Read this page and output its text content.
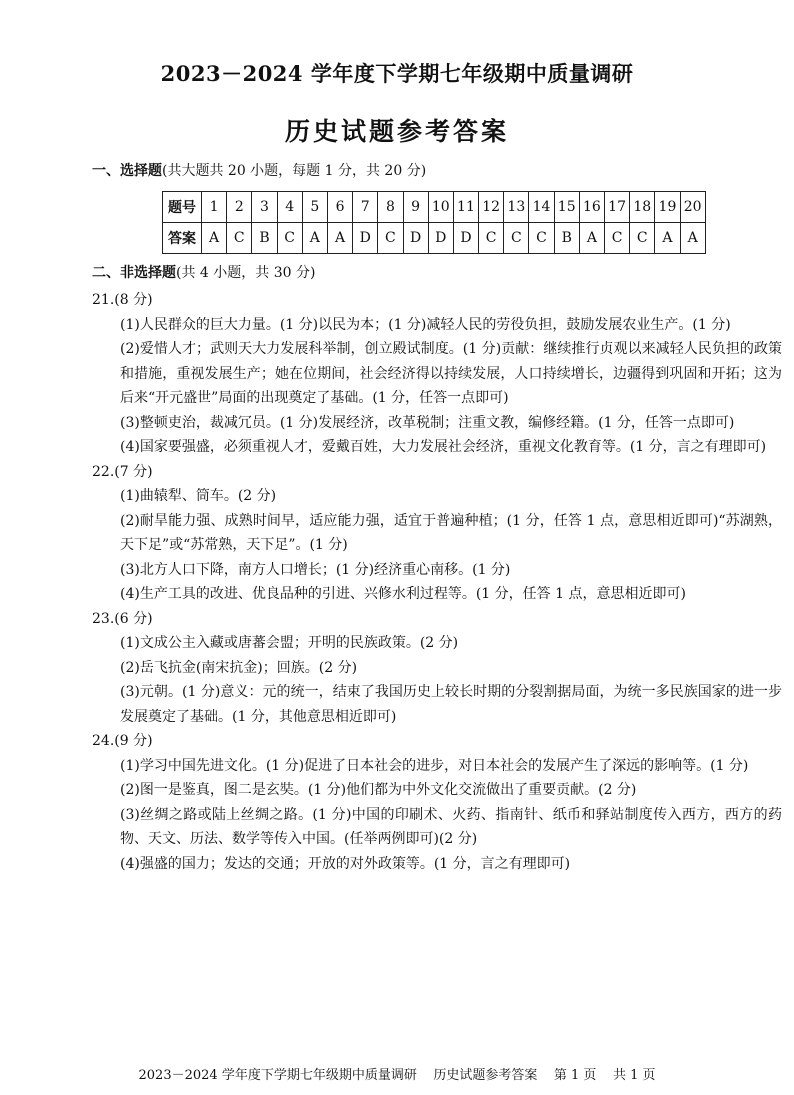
2023－2024 学年度下学期七年级期中质量调研
历史试题参考答案
一、选择题(共大题共 20 小题，每题 1 分，共 20 分)
题号	1	2	3	4	5	6	7	8	9	10	11	12	13	14	15	16	17	18	19	20
答案	A	C	B	C	A	A	D	C	D	D	D	C	C	C	B	A	C	C	A	A
二、非选择题(共 4 小题，共 30 分)
21.(8 分)
(1)人民群众的巨大力量。(1 分)以民为本；(1 分)减轻人民的劳役负担，鼓励发展农业生产。(1 分)
(2)爱惜人才；武则天大力发展科举制，创立殿试制度。(1 分)贡献：继续推行贞观以来减轻人民负担的政策和措施，重视发展生产；她在位期间，社会经济得以持续发展，人口持续增长，边疆得到巩固和开拓；这为后来“开元盛世”局面的出现奠定了基础。(1 分，任答一点即可)
(3)整顿吏治，裁减冗员。(1 分)发展经济，改革税制；注重文教，编修经籍。(1 分，任答一点即可)
(4)国家要强盛，必须重视人才，爱戴百姓，大力发展社会经济，重视文化教育等。(1 分，言之有理即可)
22.(7 分)
(1)曲辕犁、筒车。(2 分)
(2)耐旱能力强、成熟时间早，适应能力强，适宜于普遍种植；(1 分，任答 1 点，意思相近即可)“苏湖熟，天下足”或“苏常熟，天下足”。(1 分)
(3)北方人口下降，南方人口增长；(1 分)经济重心南移。(1 分)
(4)生产工具的改进、优良品种的引进、兴修水利过程等。(1 分，任答 1 点，意思相近即可)
23.(6 分)
(1)文成公主入藏或唐蕃会盟；开明的民族政策。(2 分)
(2)岳飞抗金(南宋抗金)；回族。(2 分)
(3)元朝。(1 分)意义：元的统一，结束了我国历史上较长时期的分裂割据局面，为统一多民族国家的进一步发展奠定了基础。(1 分，其他意思相近即可)
24.(9 分)
(1)学习中国先进文化。(1 分)促进了日本社会的进步，对日本社会的发展产生了深远的影响等。(1 分)
(2)图一是鉴真，图二是玄奘。(1 分)他们都为中外文化交流做出了重要贡献。(2 分)
(3)丝绸之路或陆上丝绸之路。(1 分)中国的印刷术、火药、指南针、纸币和驿站制度传入西方，西方的药物、天文、历法、数学等传入中国。(任举两例即可)(2 分)
(4)强盛的国力；发达的交通；开放的对外政策等。(1 分，言之有理即可)
2023－2024 学年度下学期七年级期中质量调研    历史试题参考答案    第 1 页    共 1 页
